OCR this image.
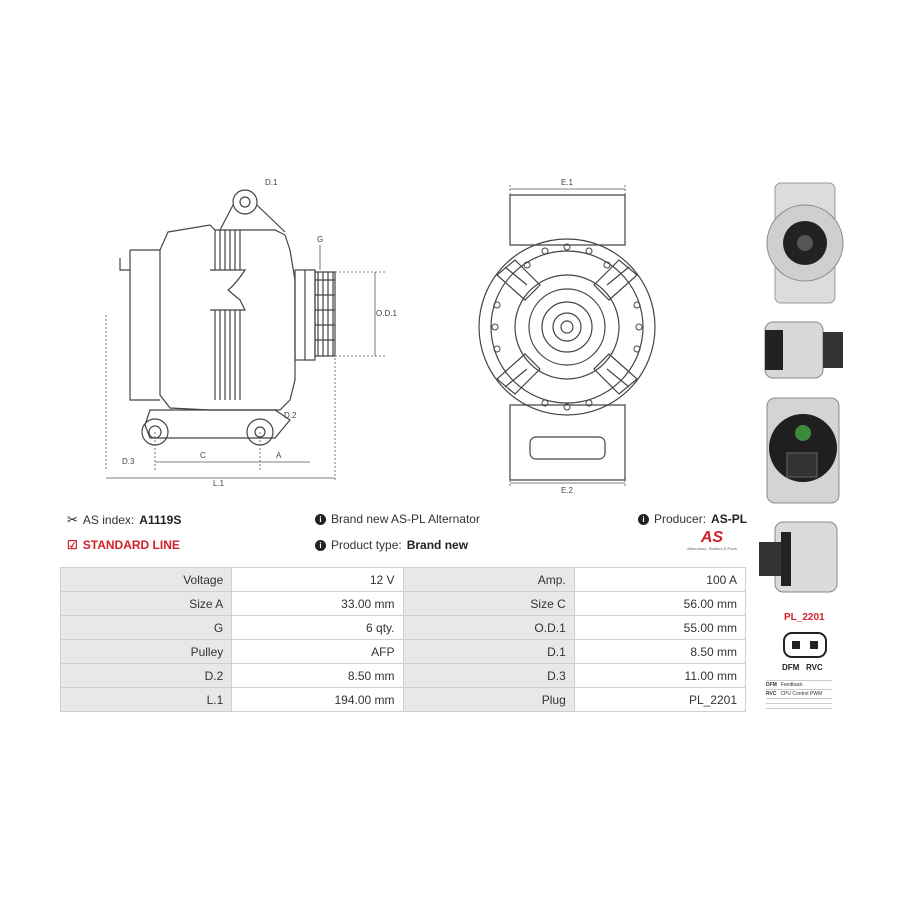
D.1
G
O.D.1
D.2
D.3
C	A
L.1
E.1
E.2
PL_2201
DFM RVC
DFM Feedback
RVC CPU Control PWM
✂ AS index: A1119S
☑ STANDARD LINE
i Brand new AS-PL Alternator
i Product type: Brand new
i Producer: AS-PL
AS
Alternators, Starters & Parts
Voltage	12 V	Amp.	100 A
Size A	33.00 mm	Size C	56.00 mm
G	6 qty.	O.D.1	55.00 mm
Pulley	AFP	D.1	8.50 mm
D.2	8.50 mm	D.3	11.00 mm
L.1	194.00 mm	Plug	PL_2201
